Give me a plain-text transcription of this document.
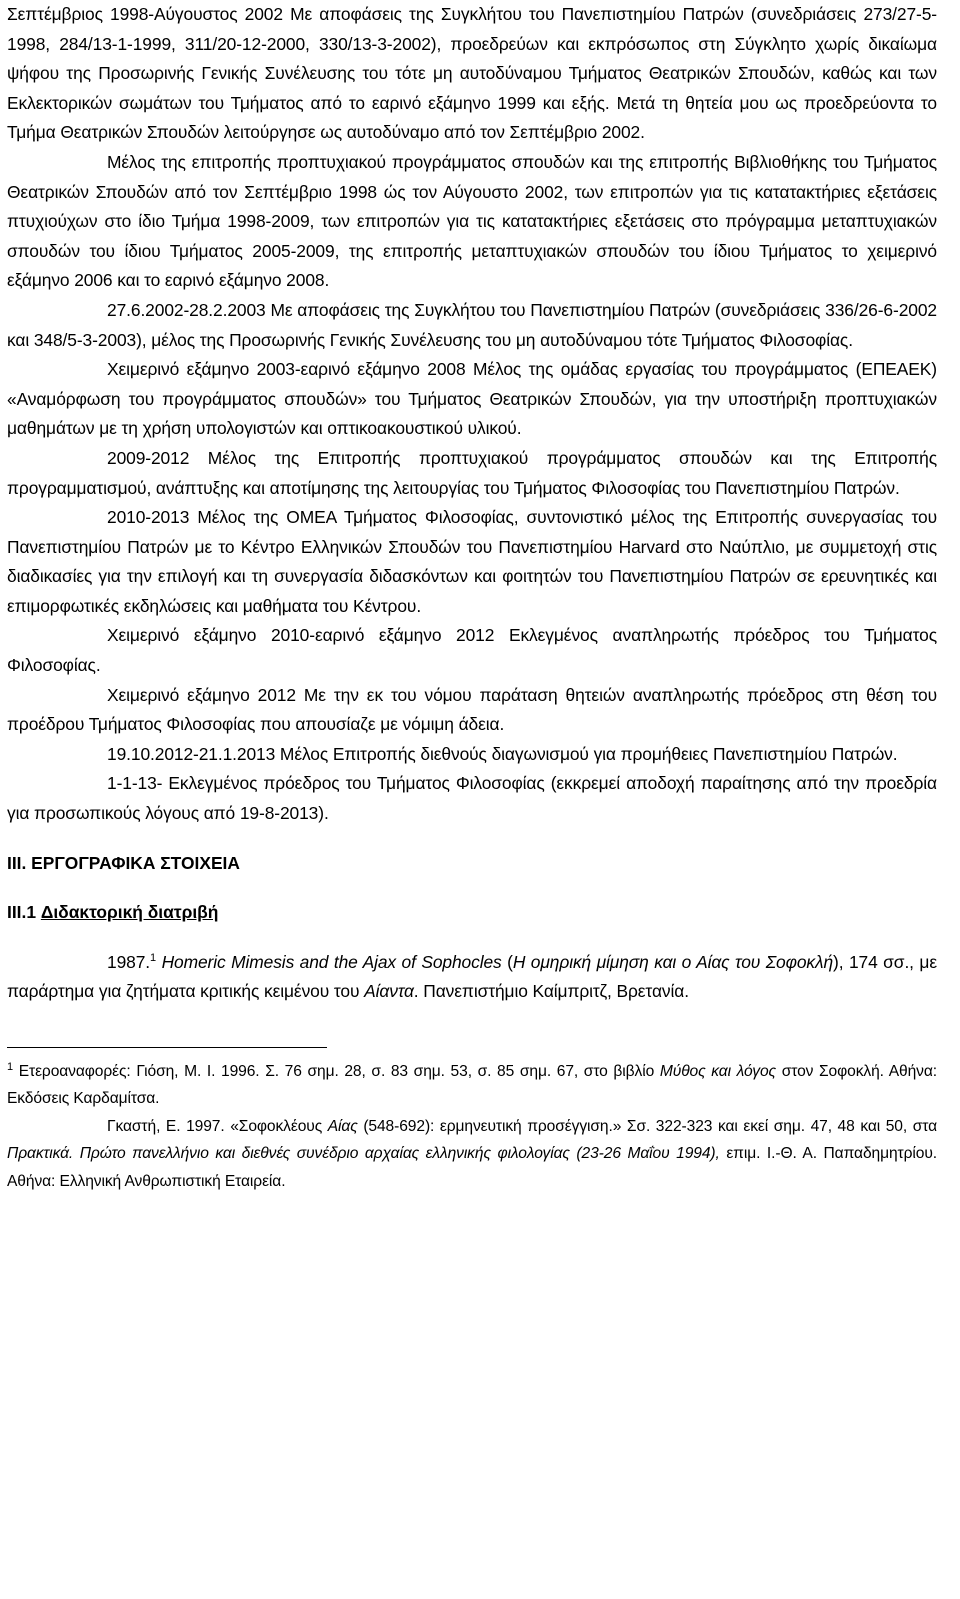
Σεπτέμβριος 1998-Αύγουστος 2002 Με αποφάσεις της Συγκλήτου του Πανεπιστημίου Πατρών (συνεδριάσεις 273/27-5-1998, 284/13-1-1999, 311/20-12-2000, 330/13-3-2002), προεδρεύων και εκπρόσωπος στη Σύγκλητο χωρίς δικαίωμα ψήφου της Προσωρινής Γενικής Συνέλευσης του τότε μη αυτοδύναμου Τμήματος Θεατρικών Σπουδών, καθώς και των Εκλεκτορικών σωμάτων του Τμήματος από το εαρινό εξάμηνο 1999 και εξής. Μετά τη θητεία μου ως προεδρεύοντα το Τμήμα Θεατρικών Σπουδών λειτούργησε ως αυτοδύναμο από τον Σεπτέμβριο 2002.

Μέλος της επιτροπής προπτυχιακού προγράμματος σπουδών και της επιτροπής Βιβλιοθήκης του Τμήματος Θεατρικών Σπουδών από τον Σεπτέμβριο 1998 ώς τον Αύγουστο 2002, των επιτροπών για τις κατατακτήριες εξετάσεις πτυχιούχων στο ίδιο Τμήμα 1998-2009, των επιτροπών για τις κατατακτήριες εξετάσεις στο πρόγραμμα μεταπτυχιακών σπουδών του ίδιου Τμήματος 2005-2009, της επιτροπής μεταπτυχιακών σπουδών του ίδιου Τμήματος το χειμερινό εξάμηνο 2006 και το εαρινό εξάμηνο 2008.

27.6.2002-28.2.2003 Με αποφάσεις της Συγκλήτου του Πανεπιστημίου Πατρών (συνεδριάσεις 336/26-6-2002 και 348/5-3-2003), μέλος της Προσωρινής Γενικής Συνέλευσης του μη αυτοδύναμου τότε Τμήματος Φιλοσοφίας.

Χειμερινό εξάμηνο 2003-εαρινό εξάμηνο 2008 Μέλος της ομάδας εργασίας του προγράμματος (ΕΠΕΑΕΚ) «Αναμόρφωση του προγράμματος σπουδών» του Τμήματος Θεατρικών Σπουδών, για την υποστήριξη προπτυχιακών μαθημάτων με τη χρήση υπολογιστών και οπτικοακουστικού υλικού.

2009-2012 Μέλος της Επιτροπής προπτυχιακού προγράμματος σπουδών και της Επιτροπής προγραμματισμού, ανάπτυξης και αποτίμησης της λειτουργίας του Τμήματος Φιλοσοφίας του Πανεπιστημίου Πατρών.

2010-2013 Μέλος της ΟΜΕΑ Τμήματος Φιλοσοφίας, συντονιστικό μέλος της Επιτροπής συνεργασίας του Πανεπιστημίου Πατρών με το Κέντρο Ελληνικών Σπουδών του Πανεπιστημίου Harvard στο Ναύπλιο, με συμμετοχή στις διαδικασίες για την επιλογή και τη συνεργασία διδασκόντων και φοιτητών του Πανεπιστημίου Πατρών σε ερευνητικές και επιμορφωτικές εκδηλώσεις και μαθήματα του Κέντρου.

Χειμερινό εξάμηνο 2010-εαρινό εξάμηνο 2012 Εκλεγμένος αναπληρωτής πρόεδρος του Τμήματος Φιλοσοφίας.

Χειμερινό εξάμηνο 2012 Με την εκ του νόμου παράταση θητειών αναπληρωτής πρόεδρος στη θέση του προέδρου Τμήματος Φιλοσοφίας που απουσίαζε με νόμιμη άδεια.

19.10.2012-21.1.2013 Μέλος Επιτροπής διεθνούς διαγωνισμού για προμήθειες Πανεπιστημίου Πατρών.

1-1-13- Εκλεγμένος πρόεδρος του Τμήματος Φιλοσοφίας (εκκρεμεί αποδοχή παραίτησης από την προεδρία για προσωπικούς λόγους από 19-8-2013).

III. ΕΡΓΟΓΡΑΦΙΚΑ ΣΤΟΙΧΕΙΑ

III.1 Διδακτορική διατριβή

1987.$^1$ Homeric Mimesis and the Ajax of Sophocles (Η ομηρική μίμηση και ο Αίας του Σοφοκλή), 174 σσ., με παράρτημα για ζητήματα κριτικής κειμένου του Αίαντα. Πανεπιστήμιο Καίμπριτζ, Βρετανία.

$^1$ Ετεροαναφορές: Γιόση, Μ. Ι. 1996. Σ. 76 σημ. 28, σ. 83 σημ. 53, σ. 85 σημ. 67, στο βιβλίο Μύθος και λόγος στον Σοφοκλή. Αθήνα: Εκδόσεις Καρδαμίτσα.

Γκαστή, Ε. 1997. «Σοφοκλέους Αίας (548-692): ερμηνευτική προσέγγιση.» Σσ. 322-323 και εκεί σημ. 47, 48 και 50, στα Πρακτικά. Πρώτο πανελλήνιο και διεθνές συνέδριο αρχαίας ελληνικής φιλολογίας (23-26 Μαΐου 1994), επιμ. Ι.-Θ. Α. Παπαδημητρίου. Αθήνα: Ελληνική Ανθρωπιστική Εταιρεία.
